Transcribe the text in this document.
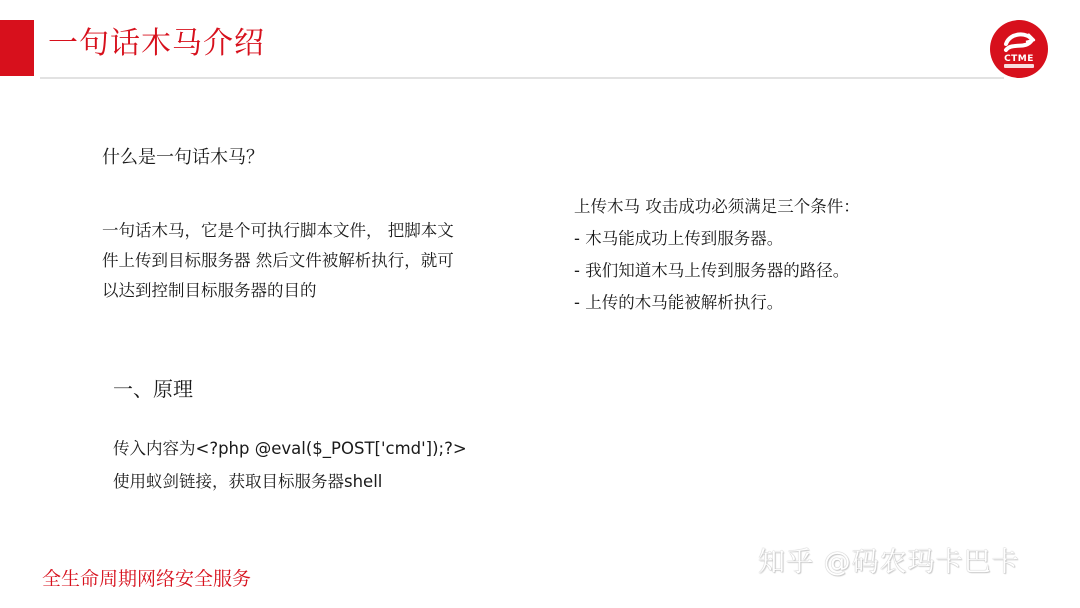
一句话木马介绍	CTME
什么是一句话木马？
一句话木马，它是个可执行脚本文件， 把脚本文
件上传到目标服务器 然后文件被解析执行，就可
以达到控制目标服务器的目的
上传木马 攻击成功必须满足三个条件：
- 木马能成功上传到服务器。
- 我们知道木马上传到服务器的路径。
- 上传的木马能被解析执行。
一、原理
传入内容为<?php @eval($_POST['cmd']);?>
使用蚁剑链接，获取目标服务器shell
全生命周期网络安全服务
知乎 @码农玛卡巴卡
